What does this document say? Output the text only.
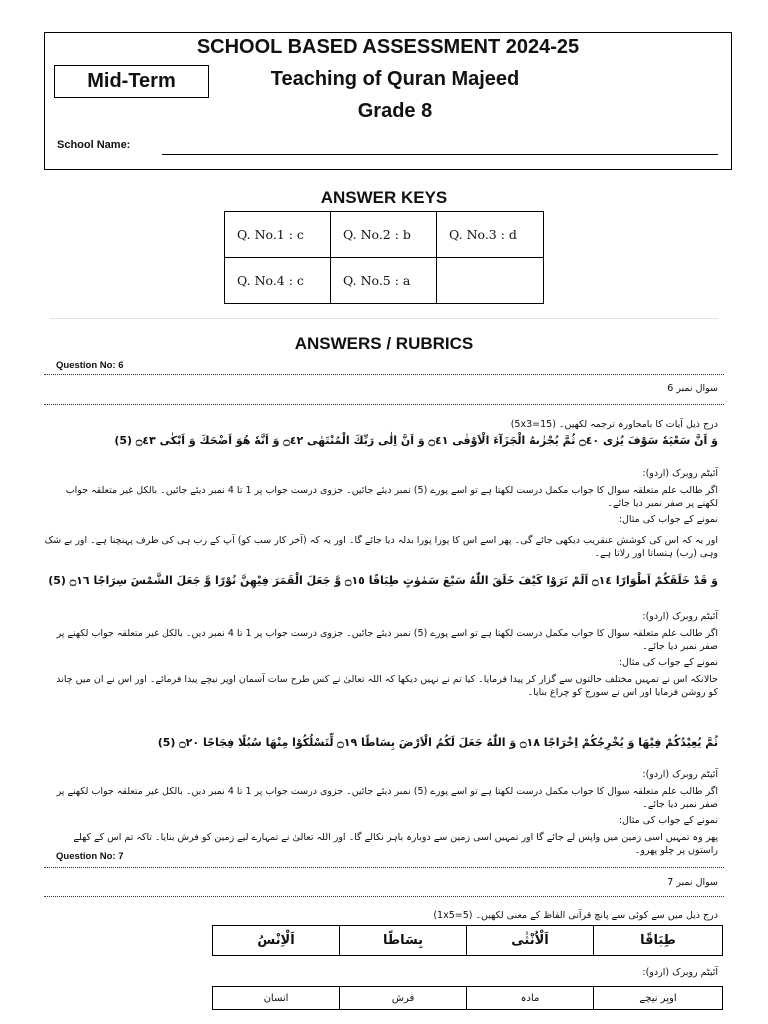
SCHOOL BASED ASSESSMENT 2024-25
Mid-Term	Teaching of Quran Majeed
Grade 8
School Name:
ANSWER KEYS
Q. No.1 : c	Q. No.2 : b	Q. No.3 : d
Q. No.4 : c	Q. No.5 : a	
ANSWERS / RUBRICS
Question No: 6
سوال نمبر 6
درج ذیل آیات کا بامحاورہ ترجمہ لکھیں۔ (5x3=15)
وَ اَنَّ سَعْيَهٗ سَوْفَ يُرٰى ۝٤٠ ثُمَّ يُجْزٰىهُ الْجَزَآءَ الْاَوْفٰى ۝٤١ وَ اَنَّ اِلٰى رَبِّكَ الْمُنْتَهٰى ۝٤٢ وَ اَنَّهٗ هُوَ اَضْحَكَ وَ اَبْكٰى ۝٤٣ (5)
آئیٹم روبرک (اردو):
اگر طالب علم متعلقہ سوال کا جواب مکمل درست لکھتا ہے تو اسے پورے (5) نمبر دیئے جائیں۔ جزوی درست جواب پر 1 تا 4 نمبر دیئے جائیں۔ بالکل غیر متعلقہ جواب لکھنے پر صفر نمبر دیا جائے۔
نمونے کے جواب کی مثال:
اور یہ کہ اس کی کوشش عنقریب دیکھی جائے گی۔ پھر اسے اس کا پورا پورا بدلہ دیا جائے گا۔ اور یہ کہ (آخر کار سب کو) آپ کے رب ہی کی طرف پہنچنا ہے۔ اور بے شک وہی (رب) ہنساتا اور رلاتا ہے۔
وَ قَدْ خَلَقَكُمْ اَطْوَارًا ۝١٤ اَلَمْ تَرَوْا كَيْفَ خَلَقَ اللّٰهُ سَبْعَ سَمٰوٰتٍ طِبَاقًا ۝١٥ وَّ جَعَلَ الْقَمَرَ فِيْهِنَّ نُوْرًا وَّ جَعَلَ الشَّمْسَ سِرَاجًا ۝١٦ (5)
آئیٹم روبرک (اردو):
اگر طالب علم متعلقہ سوال کا جواب مکمل درست لکھتا ہے تو اسے پورے (5) نمبر دیئے جائیں۔ جزوی درست جواب پر 1 تا 4 نمبر دیں۔ بالکل غیر متعلقہ جواب لکھنے پر صفر نمبر دیا جائے۔
نمونے کے جواب کی مثال:
حالانکہ اس نے تمہیں مختلف حالتوں سے گزار کر پیدا فرمایا۔ کیا تم نے نہیں دیکھا کہ اللہ تعالیٰ نے کس طرح سات آسمان اوپر نیچے پیدا فرمائے۔ اور اس نے ان میں چاند کو روشن فرمایا اور اس نے سورج کو چراغ بنایا۔
ثُمَّ يُعِيْدُكُمْ فِيْهَا وَ يُخْرِجُكُمْ اِخْرَاجًا ۝١٨ وَ اللّٰهُ جَعَلَ لَكُمُ الْاَرْضَ بِسَاطًا ۝١٩ لِّتَسْلُكُوْا مِنْهَا سُبُلًا فِجَاجًا ۝٢٠ (5)
آئیٹم روبرک (اردو):
اگر طالب علم متعلقہ سوال کا جواب مکمل درست لکھتا ہے تو اسے پورے (5) نمبر دیئے جائیں۔ جزوی درست جواب پر 1 تا 4 نمبر دیں۔ بالکل غیر متعلقہ جواب لکھنے پر صفر نمبر دیا جائے۔
نمونے کے جواب کی مثال:
پھر وہ تمہیں اسی زمین میں واپس لے جائے گا اور تمہیں اسی زمین سے دوبارہ باہر نکالے گا۔ اور اللہ تعالیٰ نے تمہارے لیے زمین کو فرش بنایا۔ تاکہ تم اس کے کھلے راستوں پر چلو پھرو۔
Question No: 7
سوال نمبر 7
درج ذیل میں سے کوئی سے پانچ قرآنی الفاظ کے معنی لکھیں۔ (1x5=5)
طِبَاقًا	اَلْاُنْثٰى	بِسَاطًا	اَلْاِنْسُ
آئیٹم روبرک (اردو):
اوپر نیچے	مادہ	فرش	انسان
